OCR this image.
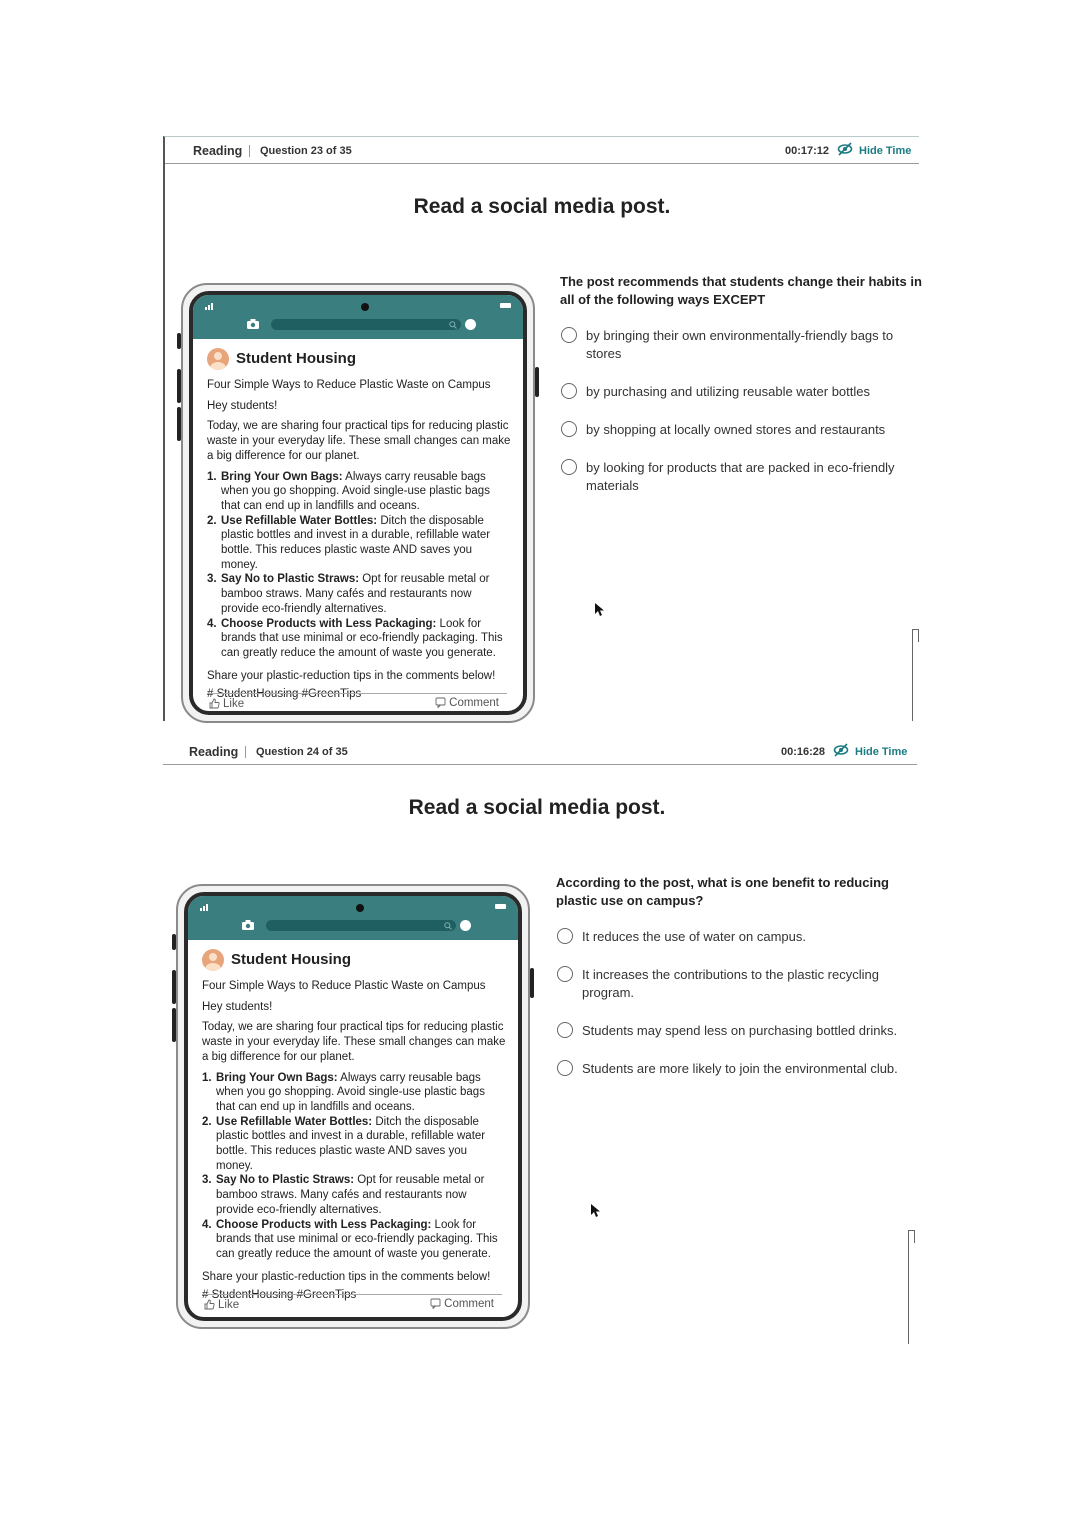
Reading Question 23 of 35	00:17:12	Hide Time
Read a social media post.
Student Housing
Four Simple Ways to Reduce Plastic Waste on Campus
Hey students!
Today, we are sharing four practical tips for reducing plastic waste in your everyday life. These small changes can make a big difference for our planet.
1. Bring Your Own Bags: Always carry reusable bags when you go shopping. Avoid single-use plastic bags that can end up in landfills and oceans.
2. Use Refillable Water Bottles: Ditch the disposable plastic bottles and invest in a durable, refillable water bottle. This reduces plastic waste AND saves you money.
3. Say No to Plastic Straws: Opt for reusable metal or bamboo straws. Many cafés and restaurants now provide eco-friendly alternatives.
4. Choose Products with Less Packaging: Look for brands that use minimal or eco-friendly packaging. This can greatly reduce the amount of waste you generate.
Share your plastic-reduction tips in the comments below!
# StudentHousing #GreenTips
Like	Comment
The post recommends that students change their habits in all of the following ways EXCEPT
by bringing their own environmentally-friendly bags to stores
by purchasing and utilizing reusable water bottles
by shopping at locally owned stores and restaurants
by looking for products that are packed in eco-friendly materials
Reading Question 24 of 35	00:16:28	Hide Time
Read a social media post.
Student Housing
Four Simple Ways to Reduce Plastic Waste on Campus
Hey students!
Today, we are sharing four practical tips for reducing plastic waste in your everyday life. These small changes can make a big difference for our planet.
1. Bring Your Own Bags: Always carry reusable bags when you go shopping. Avoid single-use plastic bags that can end up in landfills and oceans.
2. Use Refillable Water Bottles: Ditch the disposable plastic bottles and invest in a durable, refillable water bottle. This reduces plastic waste AND saves you money.
3. Say No to Plastic Straws: Opt for reusable metal or bamboo straws. Many cafés and restaurants now provide eco-friendly alternatives.
4. Choose Products with Less Packaging: Look for brands that use minimal or eco-friendly packaging. This can greatly reduce the amount of waste you generate.
Share your plastic-reduction tips in the comments below!
# StudentHousing #GreenTips
Like	Comment
According to the post, what is one benefit to reducing plastic use on campus?
It reduces the use of water on campus.
It increases the contributions to the plastic recycling program.
Students may spend less on purchasing bottled drinks.
Students are more likely to join the environmental club.
